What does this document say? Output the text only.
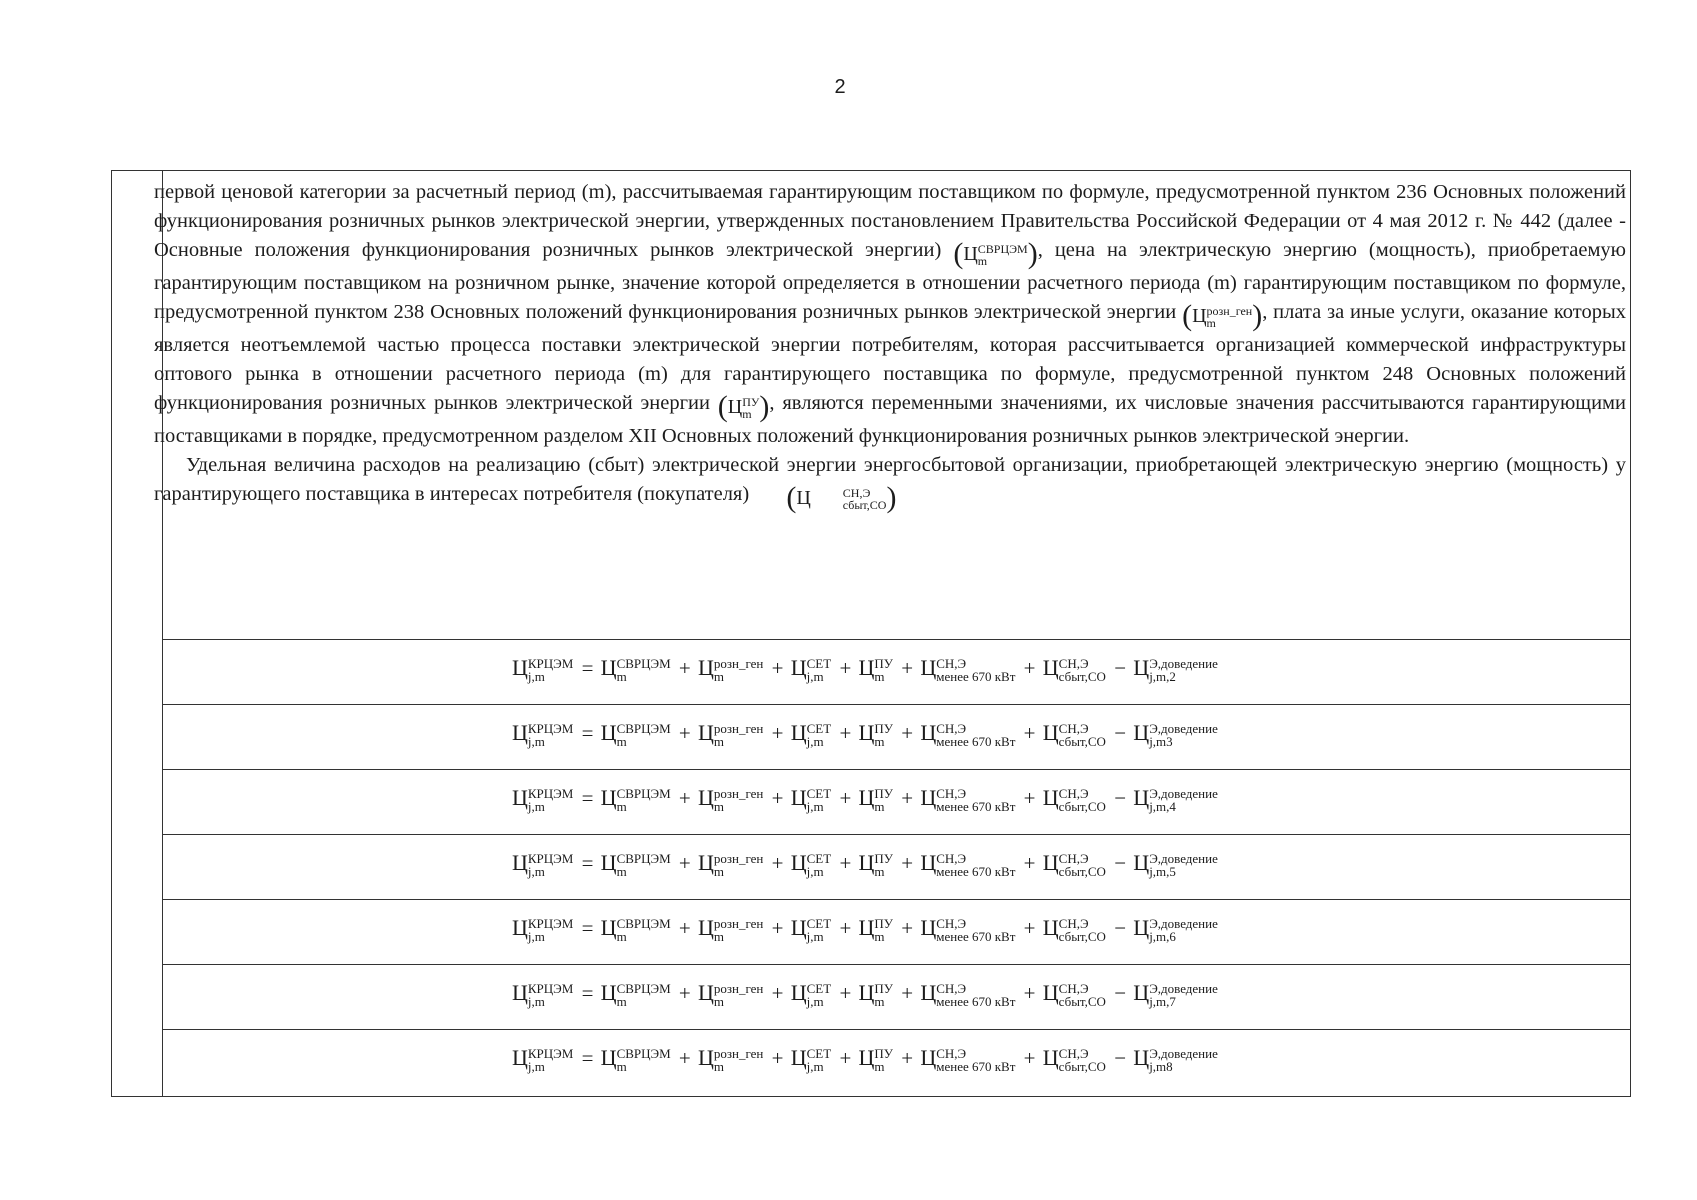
2

первой ценовой категории за расчетный период (m), рассчитываемая гарантирующим поставщиком по формуле, предусмотренной пунктом 236 Основных положений функционирования розничных рынков электрической энергии, утвержденных постановлением Правительства Российской Федерации от 4 мая 2012 г. № 442 (далее - Основные положения функционирования розничных рынков электрической энергии) (Ц СВРЦЭМ
m	), цена на электрическую энергию (мощность), приобретаемую гарантирующим поставщиком на розничном рынке, значение которой определяется в отношении расчетного периода (m) гарантирующим поставщиком по формуле, предусмотренной пунктом 238 Основных положений функционирования розничных рынков электрической энергии (Ц розн_ген
m	), плата за иные услуги, оказание которых является неотъемлемой частью процесса поставки электрической энергии потребителям, которая рассчитывается организацией коммерческой инфраструктуры оптового рынка в отношении расчетного периода (m) для гарантирующего поставщика по формуле, предусмотренной пунктом 248 Основных положений функционирования розничных рынков электрической энергии (Ц ПУ
m ), являются переменными значениями, их числовые значения рассчитываются гарантирующими поставщиками в порядке, предусмотренном разделом XII Основных положений функционирования розничных рынков электрической энергии.

Удельная величина расходов на реализацию (сбыт) электрической энергии энергосбытовой организации, приобретающей электрическую энергию (мощность) у гарантирующего поставщика в интересах потребителя (покупателя) (Ц	СН,Э
сбыт,СО )

Ц КРЦЭМ
j,m	= Ц СВРЦЭМ
m	+ Ц розн_ген
m	+ Ц СЕТ
j,m + Ц ПУ
m + Ц СН,Э
менее 670 кВт + Ц СН,Э
сбыт,СО − Ц Э,доведение
j,m,2
Ц КРЦЭМ
j,m	= Ц СВРЦЭМ
m	+ Ц розн_ген
m	+ Ц СЕТ
j,m + Ц ПУ
m + Ц СН,Э
менее 670 кВт + Ц СН,Э
сбыт,СО − Ц Э,доведение
j,m3
Ц КРЦЭМ
j,m	= Ц СВРЦЭМ
m	+ Ц розн_ген
m	+ Ц СЕТ
j,m + Ц ПУ
m + Ц СН,Э
менее 670 кВт + Ц СН,Э
сбыт,СО − Ц Э,доведение
j,m,4
Ц КРЦЭМ
j,m	= Ц СВРЦЭМ
m	+ Ц розн_ген
m	+ Ц СЕТ
j,m + Ц ПУ
m + Ц СН,Э
менее 670 кВт + Ц СН,Э
сбыт,СО − Ц Э,доведение
j,m,5
Ц КРЦЭМ
j,m	= Ц СВРЦЭМ
m	+ Ц розн_ген
m	+ Ц СЕТ
j,m + Ц ПУ
m + Ц СН,Э
менее 670 кВт + Ц СН,Э
сбыт,СО − Ц Э,доведение
j,m,6
Ц КРЦЭМ
j,m	= Ц СВРЦЭМ
m	+ Ц розн_ген
m	+ Ц СЕТ
j,m + Ц ПУ
m + Ц СН,Э
менее 670 кВт + Ц СН,Э
сбыт,СО − Ц Э,доведение
j,m,7
Ц КРЦЭМ
j,m	= Ц СВРЦЭМ
m	+ Ц розн_ген
m	+ Ц СЕТ
j,m + Ц ПУ
m + Ц СН,Э
менее 670 кВт + Ц СН,Э
сбыт,СО − Ц Э,доведение
j,m8
